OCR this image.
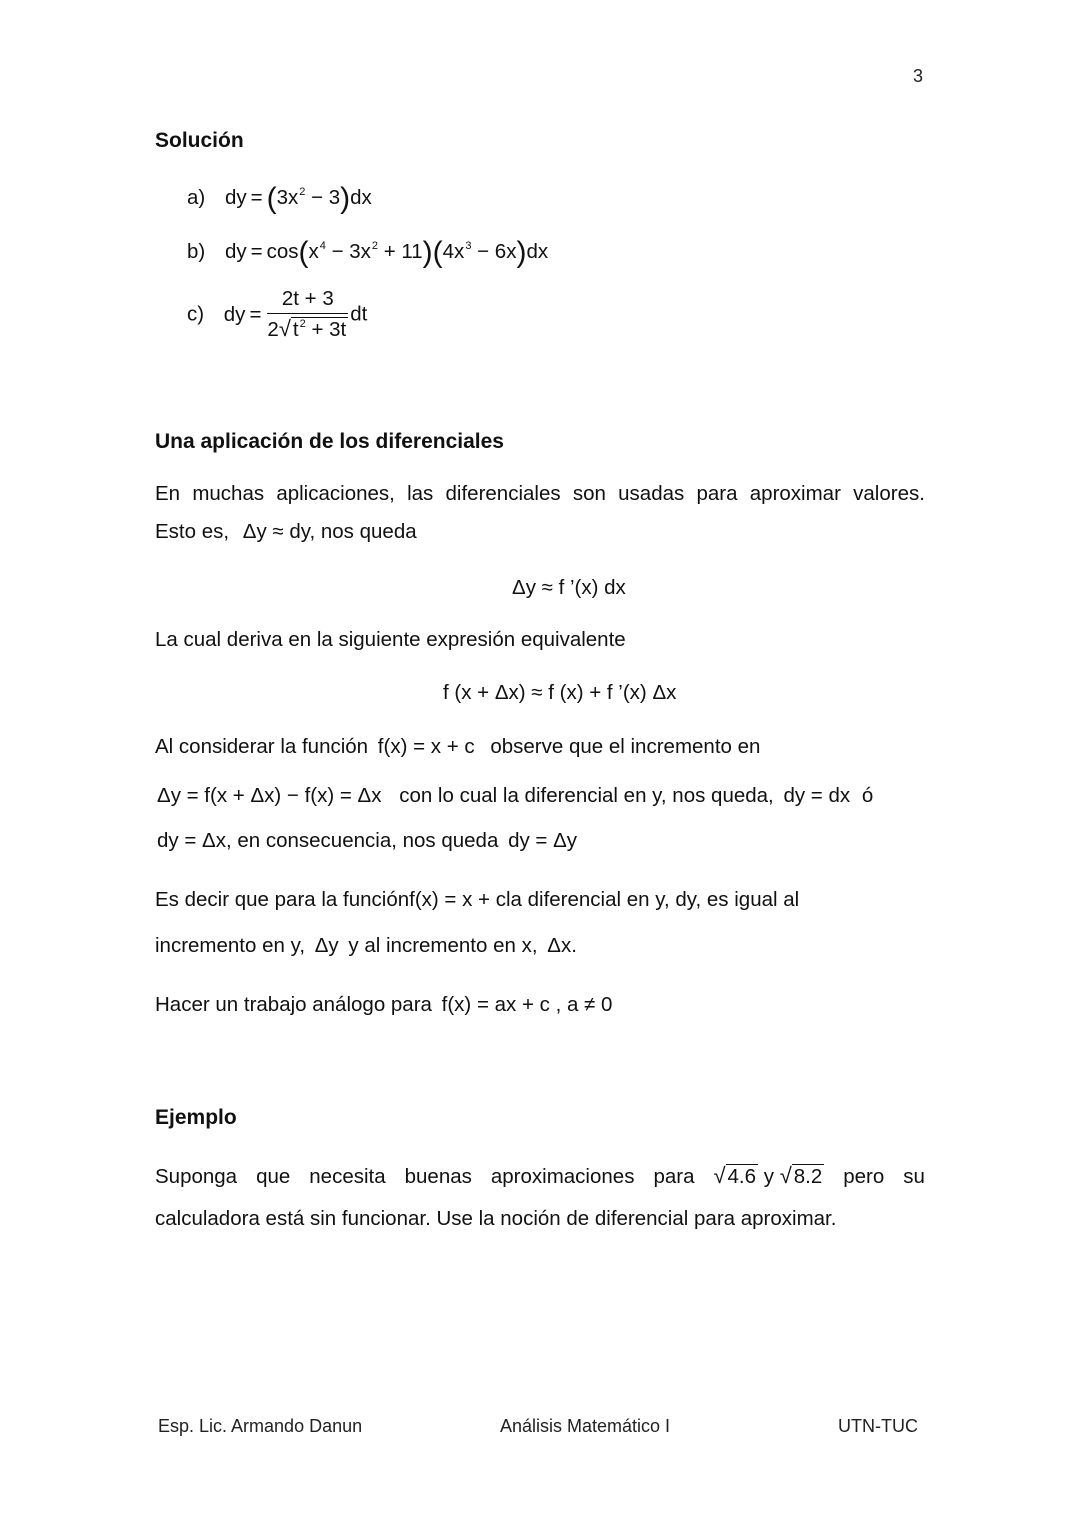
3
Solución
a) dy = $(3x^2 - 3)dx$
b) dy = $\cos(x^4 - 3x^2 + 11)(4x^3 - 6x)dx$
c) dy = $\frac{2t + 3}{2√t^2 + 3t}$ dt
Una aplicación de los diferenciales
En muchas aplicaciones, las diferenciales son usadas para aproximar valores.
Esto es, Δy ≈ dy, nos queda
Δy ≈ f ’(x) dx
La cual deriva en la siguiente expresión equivalente
f (x + Δx) ≈ f (x) + f ’(x) Δx
Al considerar la función f(x) = x + c observe que el incremento en
Δy = f(x + Δx) − f(x) = Δx con lo cual la diferencial en y, nos queda, dy = dx ó
dy = Δx, en consecuencia, nos queda dy = Δy
Es decir que para la funciónf(x) = x + cla diferencial en y, dy, es igual al
incremento en y, Δy y al incremento en x, Δx.
Hacer un trabajo análogo para f(x) = ax + c , a ≠ 0
Ejemplo
Suponga que necesita buenas aproximaciones para √4.6 y √8.2 pero su
calculadora está sin funcionar. Use la noción de diferencial para aproximar.
Esp. Lic. Armando Danun	Análisis Matemático I	UTN-TUC
